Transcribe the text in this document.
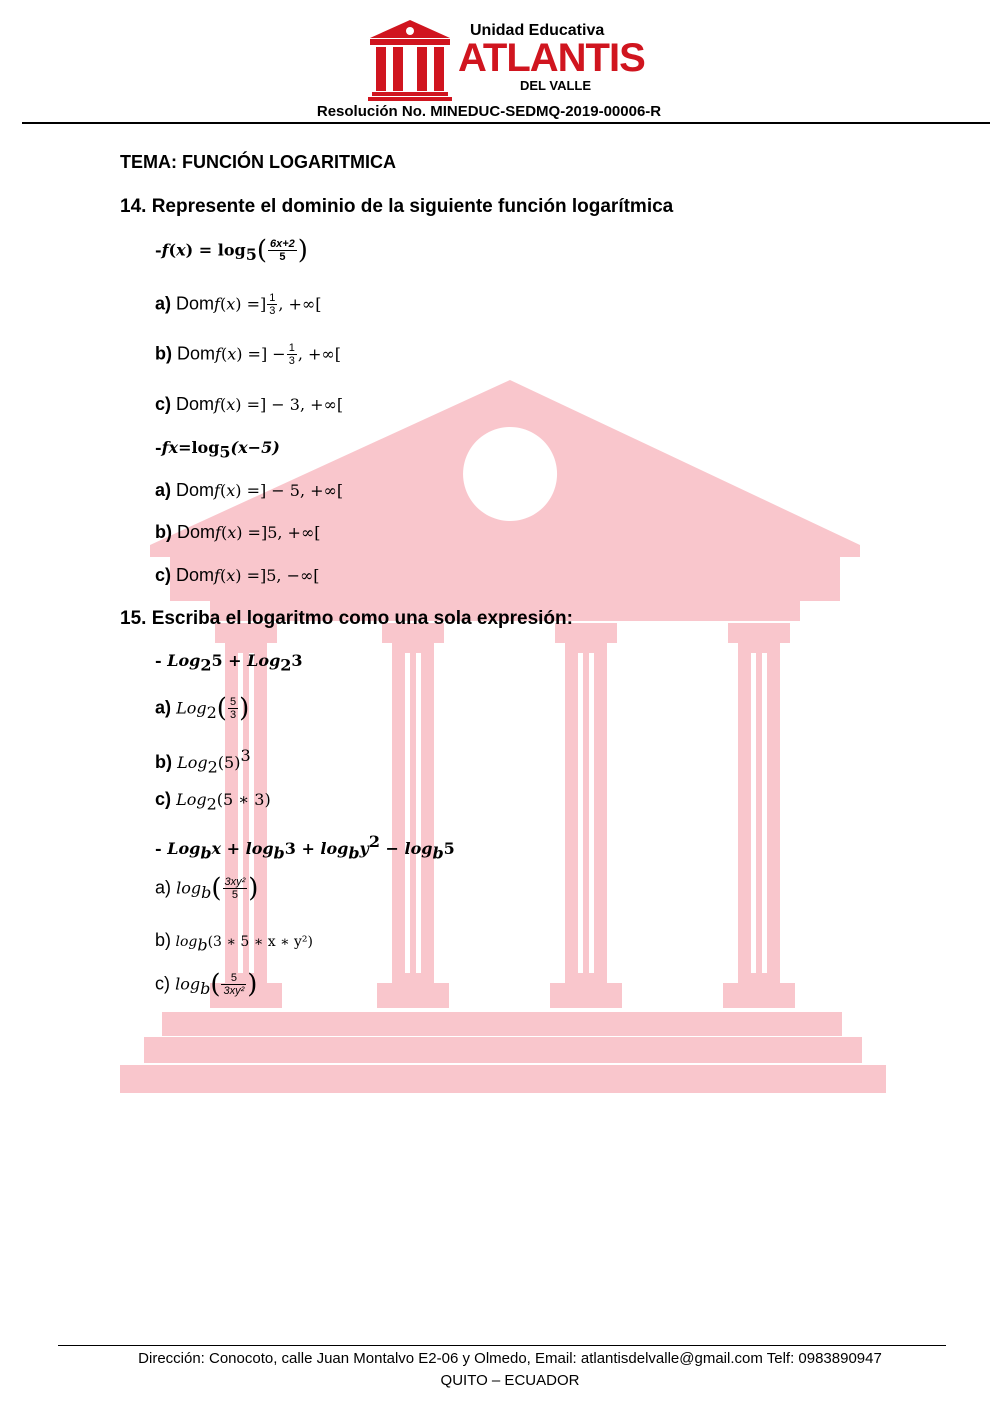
Unidad Educativa
ATLANTIS
DEL VALLE
Resolución No. MINEDUC-SEDMQ-2019-00006-R
TEMA: FUNCIÓN LOGARITMICA
14. Represente el dominio de la siguiente función logarítmica
$-f(x) = \log_5( \frac{6x+2}{5}$ )
a) Domf(x) =] $\frac{1}{3}$ , +∞[
b) Domf(x) =] − $\frac{1}{3}$ , +∞[
c) Domf(x) =] − 3, +∞[
$-fx=\log_5(x-5)$
a) Domf(x) =] − 5, +∞[
b) Domf(x) =]5, +∞[
c) Domf(x) =]5, −∞[
15. Escriba el logaritmo como una sola expresión:
- Log$_2$5 + Log$_2$3
a) $Log_2( \frac{5}{3}$ )
b) $Log_2(5)^3$
c) Log$_2$(5 ∗ 3)
- $Log_bx + \log_b3 + \log_by^2 - \log_b5$
a) $\log_b( \frac{\text{3xy²}}{5}$ )
b) $\log_b(3$ ∗ 5 ∗ x ∗ y²)
c) $\log_b( \frac{5}{\text{3xy²}}$ )
Dirección: Conocoto, calle Juan Montalvo E2-06 y Olmedo, Email: atlantisdelvalle@gmail.com Telf: 0983890947
QUITO – ECUADOR
